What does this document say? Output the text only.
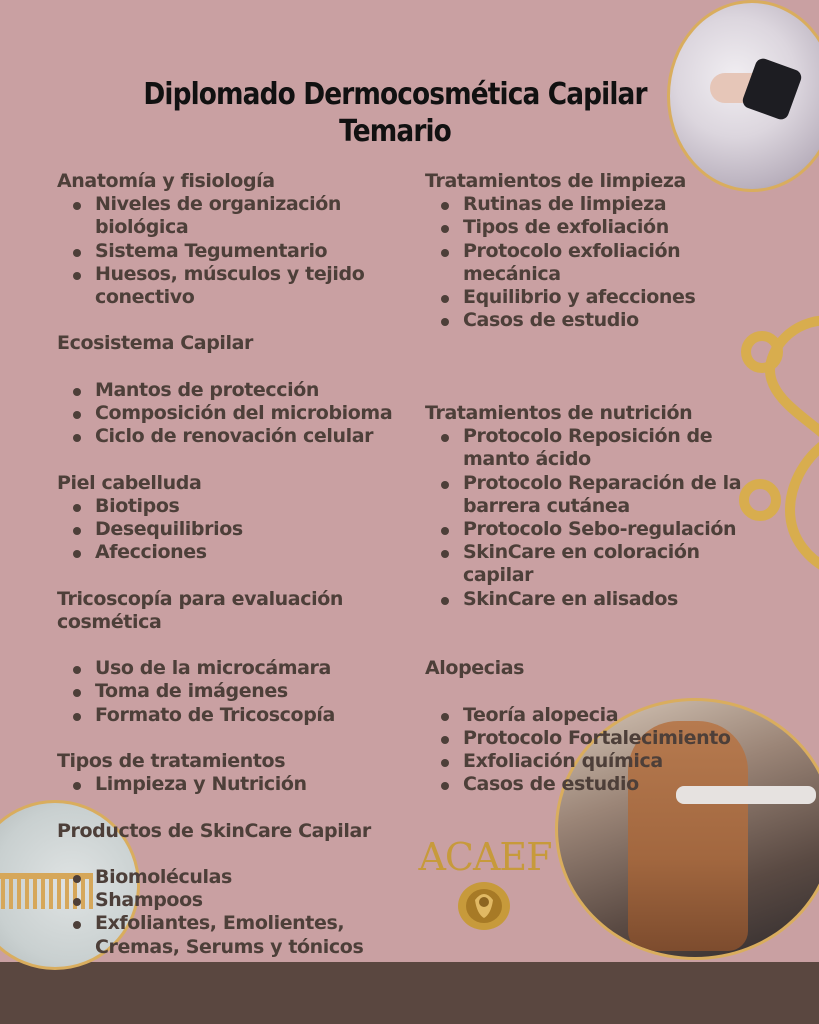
Diplomado Dermocosmética Capilar
Temario
Anatomía y fisiología
Niveles de organización biológica
Sistema Tegumentario
Huesos, músculos y tejido conectivo
Ecosistema Capilar
Mantos de protección
Composición del microbioma
Ciclo de renovación celular
Piel cabelluda
Biotipos
Desequilibrios
Afecciones
Tricoscopía para evaluación cosmética
Uso de la microcámara
Toma de imágenes
Formato de Tricoscopía
Tipos de tratamientos
Limpieza y Nutrición
Productos de SkinCare Capilar
Biomoléculas
Shampoos
Exfoliantes, Emolientes, Cremas, Serums y tónicos
Tratamientos de limpieza
Rutinas de limpieza
Tipos de exfoliación
Protocolo exfoliación mecánica
Equilibrio y afecciones
Casos de estudio
Tratamientos de nutrición
Protocolo Reposición de manto ácido
Protocolo Reparación de la barrera cutánea
Protocolo Sebo-regulación
SkinCare en coloración capilar
SkinCare en alisados
Alopecias
Teoría alopecia
Protocolo Fortalecimiento
Exfoliación química
Casos de estudio
ACAEF
